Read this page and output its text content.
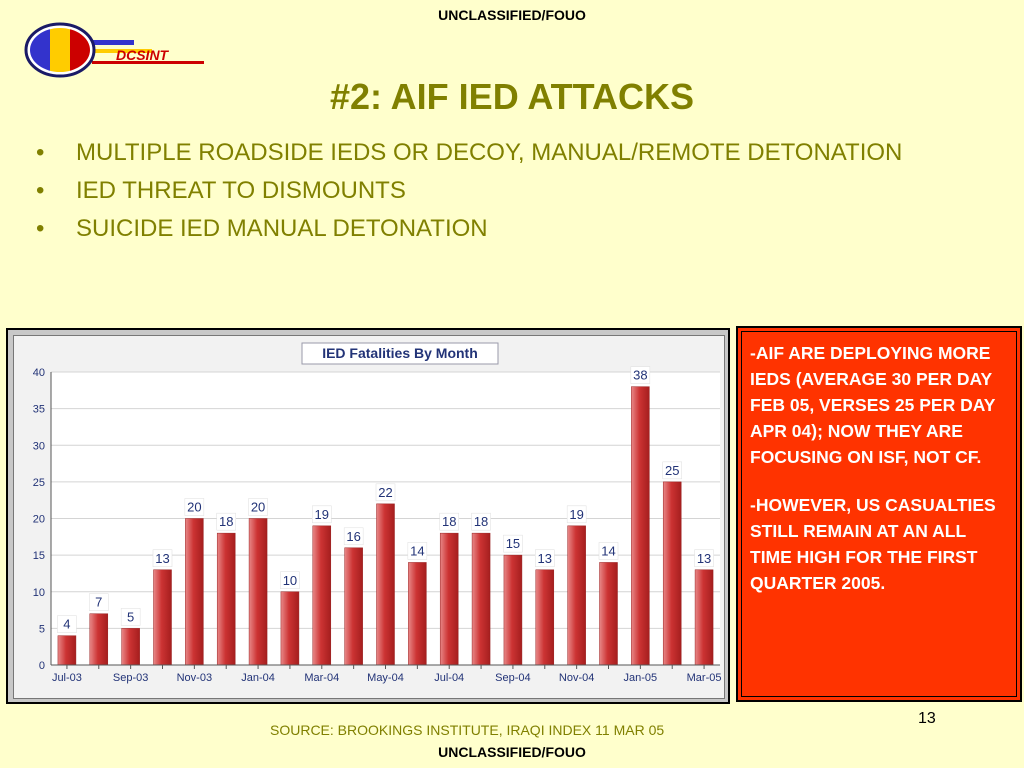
UNCLASSIFIED/FOUO
DCSINT
#2: AIF IED ATTACKS
• MULTIPLE ROADSIDE IEDS OR DECOY, MANUAL/REMOTE DETONATION
• IED THREAT TO DISMOUNTS
• SUICIDE IED MANUAL DETONATION
4
7
5
13
20
18
20
10
19
16
22
14
18 18
15
13
19
14
38
25
13
0
5
10
15
20
25
30
35
40
Jul-03	Sep-03	Nov-03	Jan-04	Mar-04	May-04	Jul-04	Sep-04	Nov-04	Jan-05	Mar-05
IED Fatalities By Month	-AIF ARE DEPLOYING MORE IEDS (AVERAGE 30 PER DAY FEB 05, VERSES 25 PER DAY APR 04); NOW THEY ARE FOCUSING ON ISF, NOT CF.

-HOWEVER, US CASUALTIES STILL REMAIN AT AN ALL TIME HIGH FOR THE FIRST QUARTER 2005.

SOURCE: BROOKINGS INSTITUTE, IRAQI INDEX 11 MAR 05
13
UNCLASSIFIED/FOUO
